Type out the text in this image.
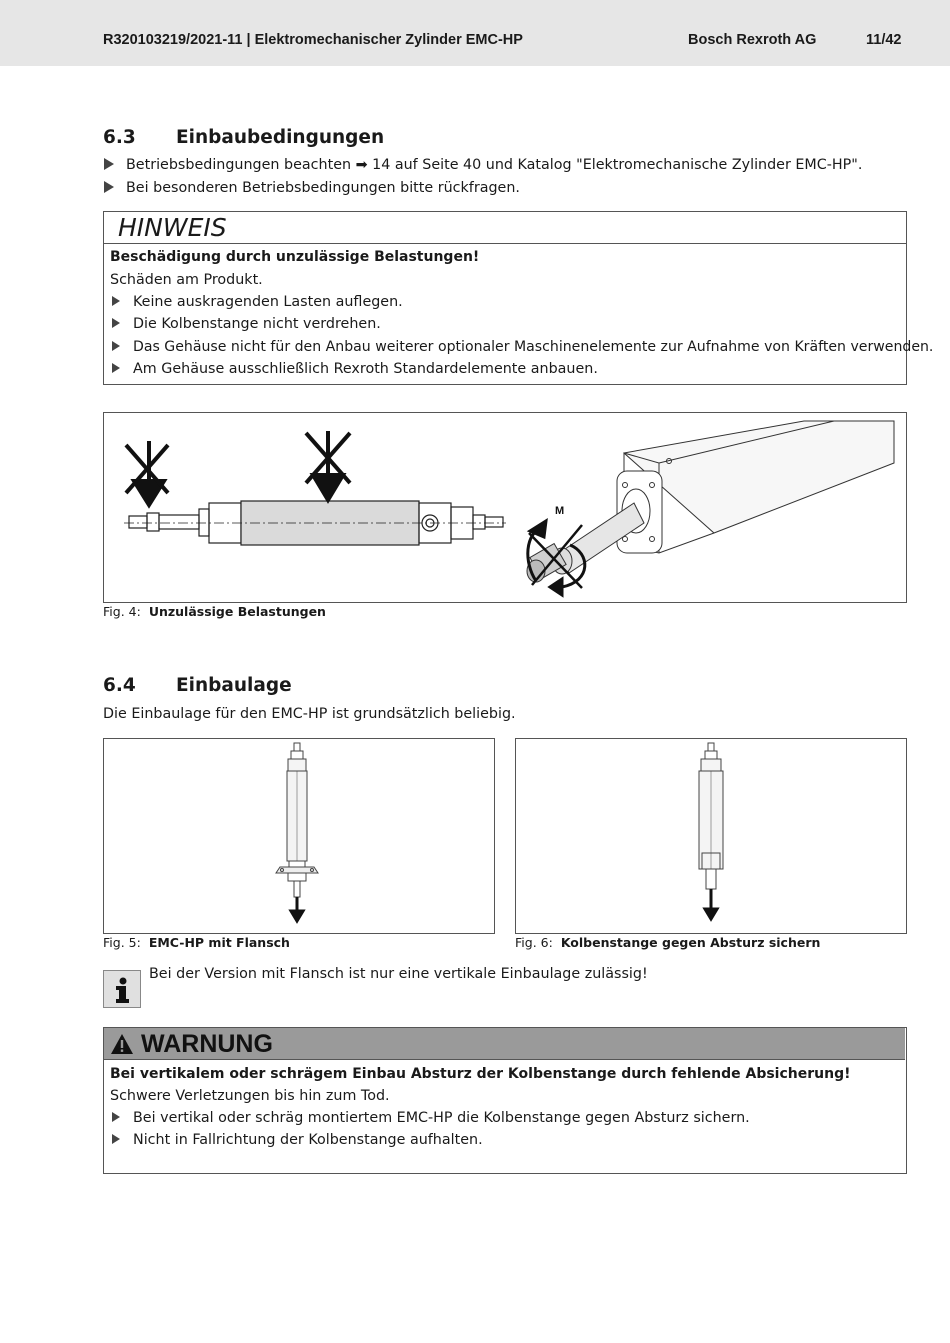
R320103219/2021-11 | Elektromechanischer Zylinder EMC-HP	Bosch Rexroth AG	11/42
6.3 Einbaubedingungen
Betriebsbedingungen beachten ➡ 14 auf Seite 40 und Katalog "Elektromechanische Zylinder EMC-HP".
Bei besonderen Betriebsbedingungen bitte rückfragen.
HINWEIS
Beschädigung durch unzulässige Belastungen!
Schäden am Produkt.
Keine auskragenden Lasten auflegen.
Die Kolbenstange nicht verdrehen.
Das Gehäuse nicht für den Anbau weiterer optionaler Maschinenelemente zur Aufnahme von Kräften verwenden.
Am Gehäuse ausschließlich Rexroth Standardelemente anbauen.
M
Fig. 4: Unzulässige Belastungen
6.4 Einbaulage
Die Einbaulage für den EMC-HP ist grundsätzlich beliebig.
Fig. 5: EMC-HP mit Flansch	Fig. 6: Kolbenstange gegen Absturz sichern
Bei der Version mit Flansch ist nur eine vertikale Einbaulage zulässig!
WARNUNG
Bei vertikalem oder schrägem Einbau Absturz der Kolbenstange durch fehlende Absicherung!
Schwere Verletzungen bis hin zum Tod.
Bei vertikal oder schräg montiertem EMC-HP die Kolbenstange gegen Absturz sichern.
Nicht in Fallrichtung der Kolbenstange aufhalten.
